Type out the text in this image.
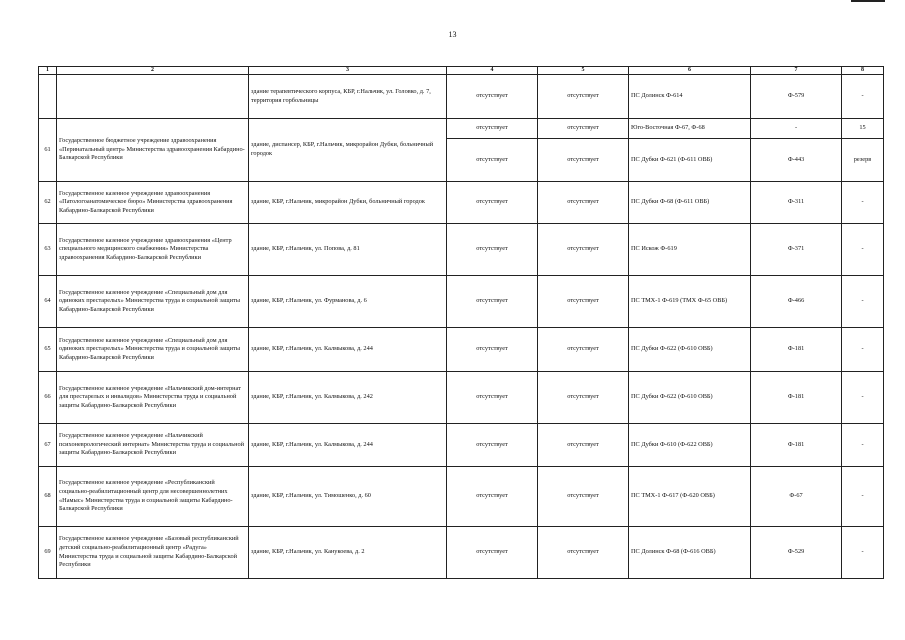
13
1	2	3	4	5	6	7	8
		здание терапевтического корпуса, КБР, г.Нальчик, ул. Головко, д. 7, территория горбольницы	отсутствует	отсутствует	ПС Долинск Ф-614	Ф-579	-
61	Государственное бюджетное учреждение здравоохранения «Перинатальный центр» Министерства здравоохранения Кабардино-Балкарской Республики	здание, диспансер, КБР, г.Нальчик, микрорайон Дубки, больничный городок	отсутствует	отсутствует	Юго-Восточная Ф-67, Ф-68	-	15
			отсутствует	отсутствует	ПС Дубки Ф-621 (Ф-611 ОВБ)	Ф-443	резерв
62	Государственное казенное учреждение здравоохранения «Патологоанатомическое бюро» Министерства здравоохранения Кабардино-Балкарской Республики	здание, КБР, г.Нальчик, микрорайон Дубки, больничный городок	отсутствует	отсутствует	ПС Дубки Ф-68 (Ф-611 ОВБ)	Ф-311	-
63	Государственное казенное учреждение здравоохранения «Центр специального медицинского снабжения» Министерства здравоохранения Кабардино-Балкарской Республики	здание, КБР, г.Нальчик, ул. Попова, д. 81	отсутствует	отсутствует	ПС Искож Ф-619	Ф-371	-
64	Государственное казенное учреждение «Специальный дом для одиноких престарелых» Министерства труда и социальной защиты Кабардино-Балкарской Республики	здание, КБР, г.Нальчик, ул. Фурманова, д. 6	отсутствует	отсутствует	ПС ТМХ-1 Ф-619 (ТМХ Ф-65 ОВБ)	Ф-466	-
65	Государственное казенное учреждение «Специальный дом для одиноких престарелых» Министерства труда и социальной защиты Кабардино-Балкарской Республики	здание, КБР, г.Нальчик, ул. Калмыкова, д. 244	отсутствует	отсутствует	ПС Дубки Ф-622 (Ф-610 ОВБ)	Ф-181	-
66	Государственное казенное учреждение «Нальчикский дом-интернат для престарелых и инвалидов» Министерства труда и социальной защиты Кабардино-Балкарской Республики	здание, КБР, г.Нальчик, ул. Калмыкова, д. 242	отсутствует	отсутствует	ПС Дубки Ф-622 (Ф-610 ОВБ)	Ф-181	-
67	Государственное казенное учреждение «Нальчикский психоневрологический интернат» Министерства труда и социальной защиты Кабардино-Балкарской Республики	здание, КБР, г.Нальчик, ул. Калмыкова, д. 244	отсутствует	отсутствует	ПС Дубки Ф-610 (Ф-622 ОВБ)	Ф-181	-
68	Государственное казенное учреждение «Республиканский социально-реабилитационный центр для несовершеннолетних «Намыс» Министерства труда и социальной защиты Кабардино-Балкарской Республики	здание, КБР, г.Нальчик, ул. Тимошенко, д. 60	отсутствует	отсутствует	ПС ТМХ-1 Ф-617 (Ф-620 ОВБ)	Ф-67	-
69	Государственное казенное учреждение «Базовый республиканский детский социально-реабилитационный центр «Радуга» Министерства труда и социальной защиты Кабардино-Балкарской Республики	здание, КБР, г.Нальчик, ул. Канукоева, д. 2	отсутствует	отсутствует	ПС Долинск Ф-68 (Ф-616 ОВБ)	Ф-529	-
